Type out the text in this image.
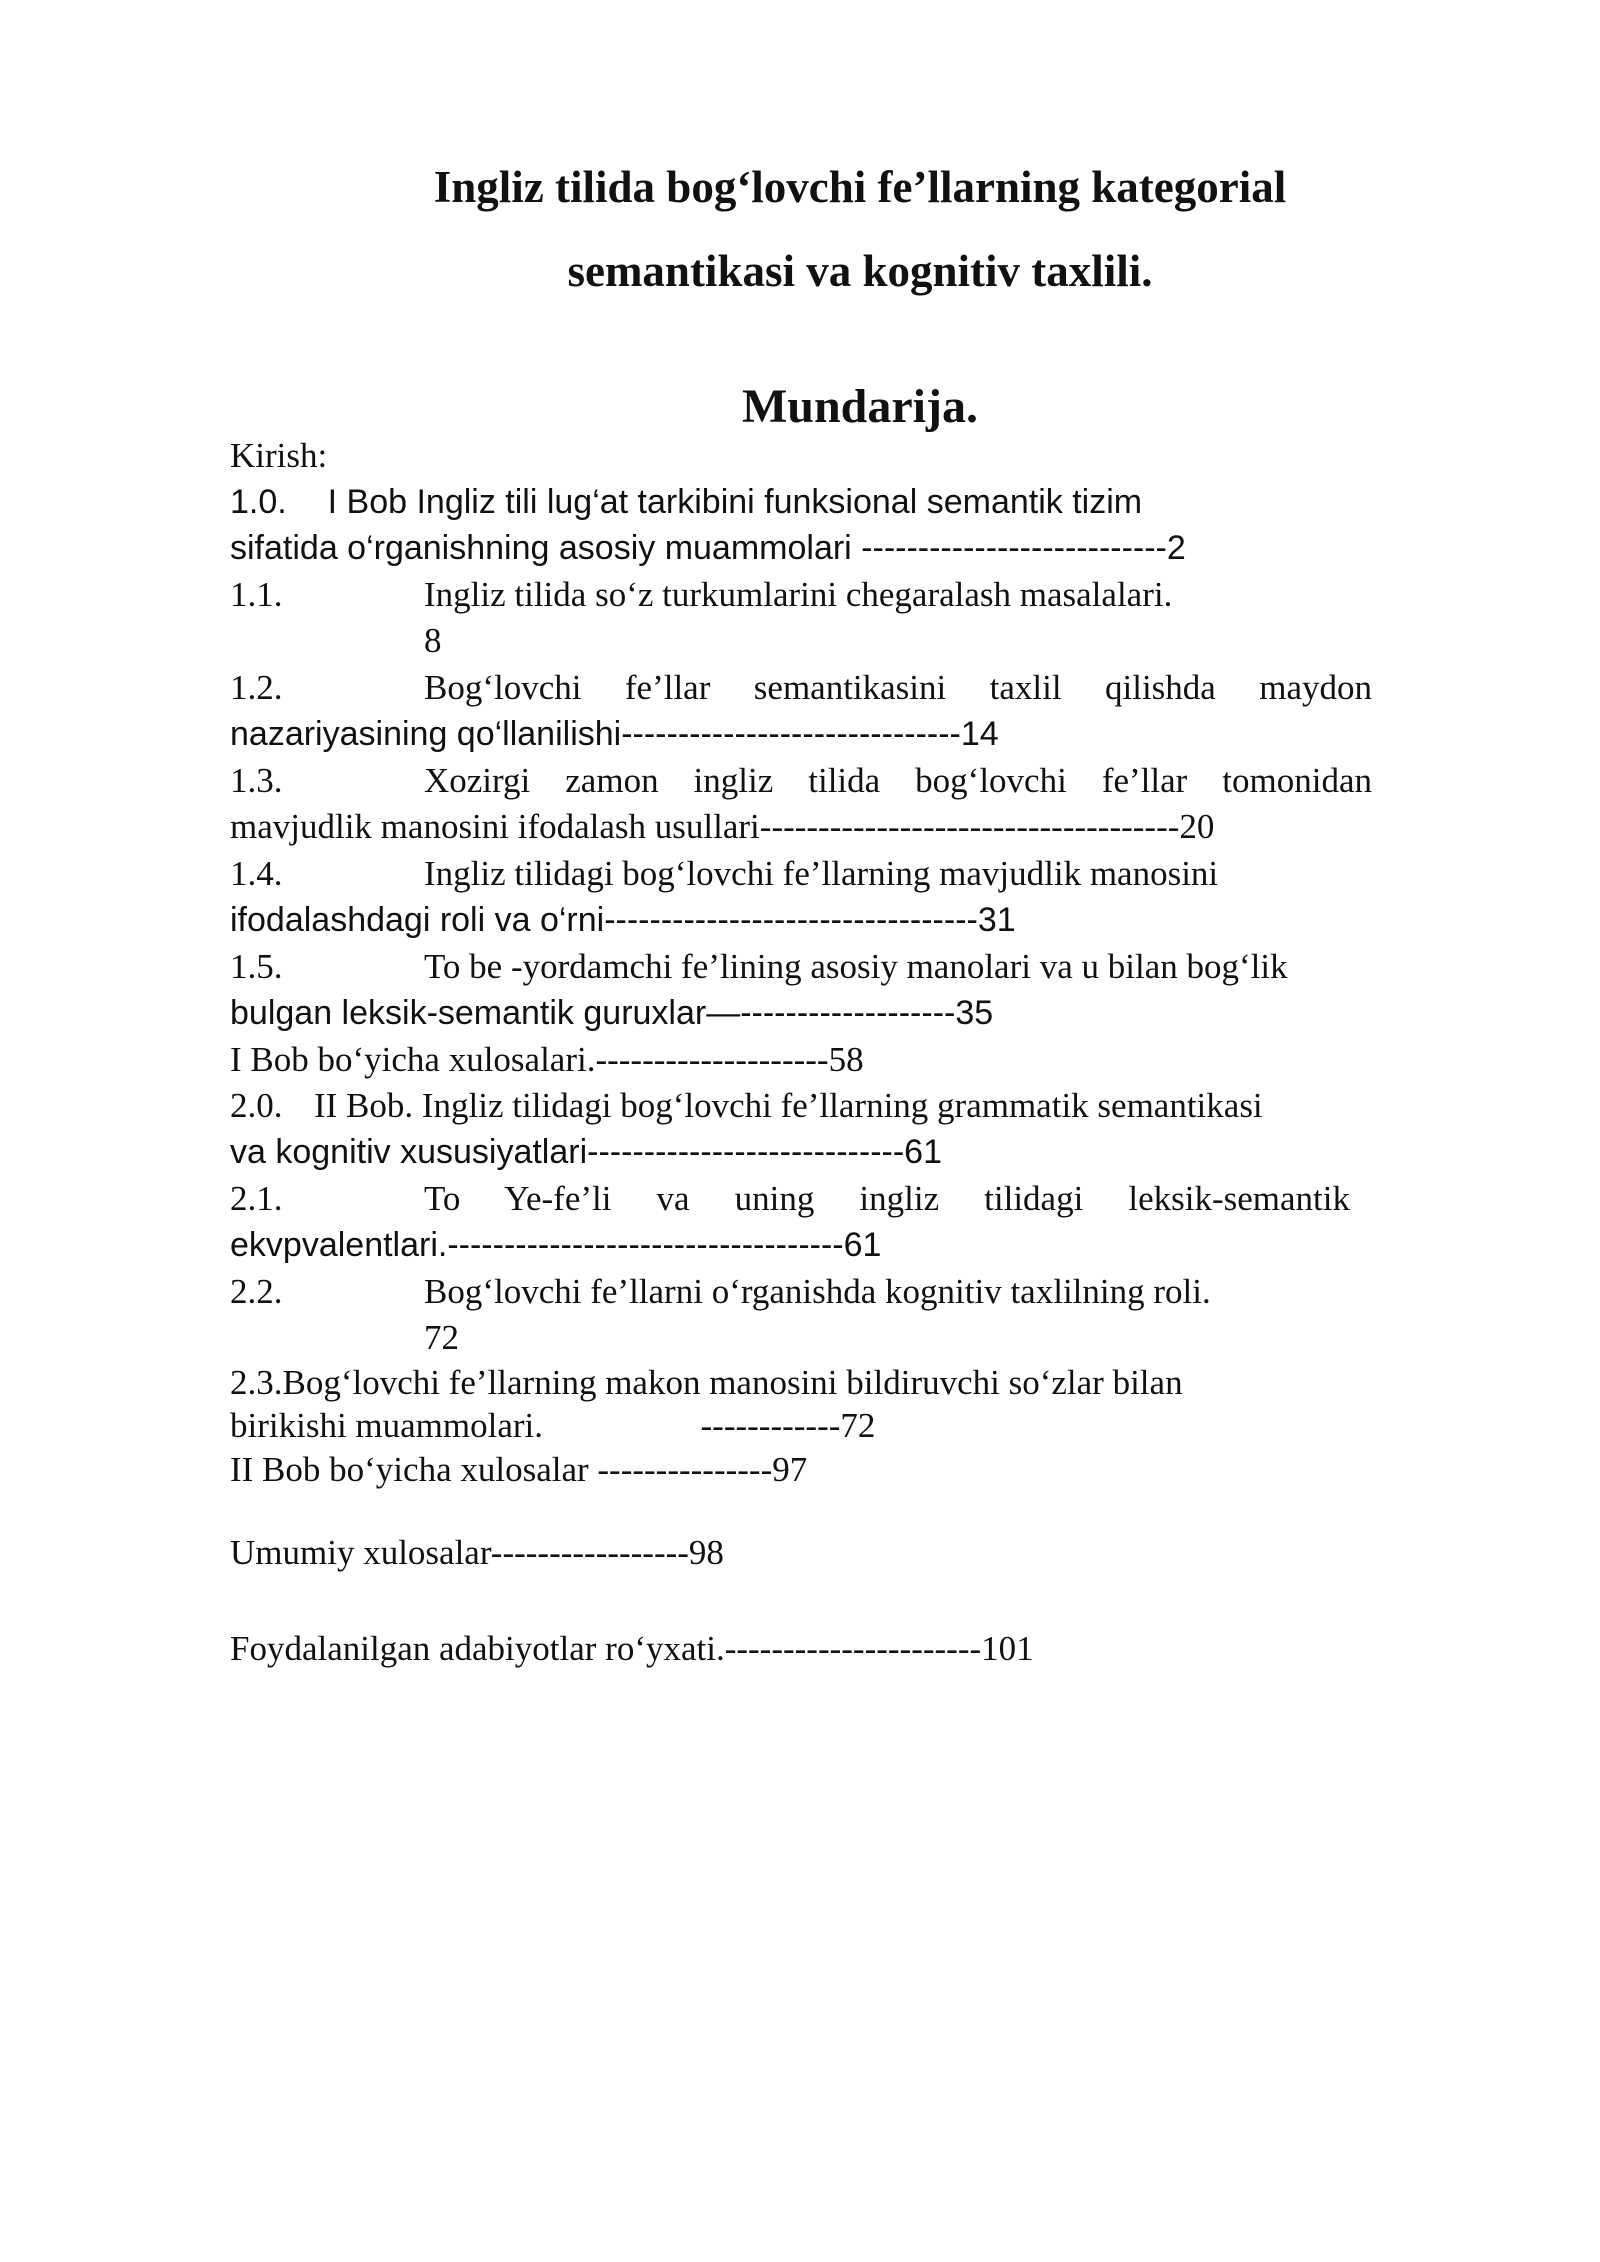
Ingliz tilida bog‘lovchi fe’llarning kategorial
semantikasi va kognitiv taxlili.
Mundarija.
Kirish:
1.0. I Bob Ingliz tili lug‘at tarkibini funksional semantik tizim
sifatida o‘rganishning asosiy muammolari ---------------------------2
1.1.	Ingliz tilida so‘z turkumlarini chegaralash masalalari.
8
1.2.	Bog‘lovchi fe’llar semantikasini taxlil qilishda maydon
nazariyasining qo‘llanilishi------------------------------14
1.3.	Xozirgi zamon ingliz tilida bog‘lovchi fe’llar tomonidan
mavjudlik manosini ifodalash usullari------------------------------------20
1.4.	Ingliz tilidagi bog‘lovchi fe’llarning mavjudlik manosini
ifodalashdagi roli va o‘rni---------------------------------31
1.5.	To be -yordamchi fe’lining asosiy manolari va u bilan bog‘lik
bulgan leksik-semantik guruxlar—-------------------35
I Bob bo‘yicha xulosalari.--------------------58
2.0. II Bob. Ingliz tilidagi bog‘lovchi fe’llarning grammatik semantikasi
va kognitiv xususiyatlari----------------------------61
2.1.	To Ye-fe’li va uning ingliz tilidagi leksik-semantik
ekvpvalentlari.-----------------------------------61
2.2.	Bog‘lovchi fe’llarni o‘rganishda kognitiv taxlilning roli.
72
2.3.Bog‘lovchi fe’llarning makon manosini bildiruvchi so‘zlar bilan
birikishi muammolari.	------------72
II Bob bo‘yicha xulosalar ---------------97
Umumiy xulosalar-----------------98
Foydalanilgan adabiyotlar ro‘yxati.----------------------101
